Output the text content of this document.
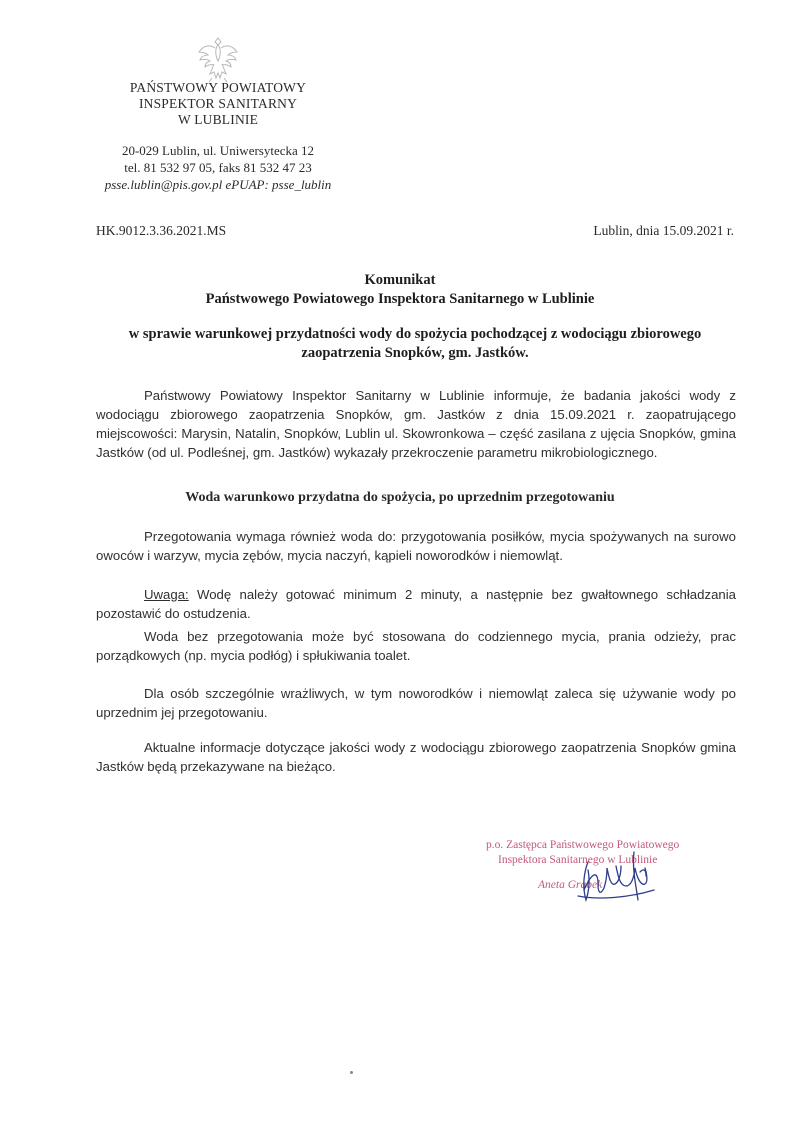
PAŃSTWOWY POWIATOWY
INSPEKTOR SANITARNY
W LUBLINIE
20-029 Lublin, ul. Uniwersytecka 12
tel. 81 532 97 05, faks 81 532 47 23
psse.lublin@pis.gov.pl ePUAP: psse_lublin
HK.9012.3.36.2021.MS	Lublin, dnia 15.09.2021 r.
Komunikat
Państwowego Powiatowego Inspektora Sanitarnego w Lublinie
w sprawie warunkowej przydatności wody do spożycia pochodzącej z wodociągu zbiorowego zaopatrzenia Snopków, gm. Jastków.

Państwowy Powiatowy Inspektor Sanitarny w Lublinie informuje, że badania jakości wody z wodociągu zbiorowego zaopatrzenia Snopków, gm. Jastków z dnia 15.09.2021 r. zaopatrującego miejscowości: Marysin, Natalin, Snopków, Lublin ul. Skowronkowa – część zasilana z ujęcia Snopków, gmina Jastków (od ul. Podleśnej, gm. Jastków) wykazały przekroczenie parametru mikrobiologicznego.

Woda warunkowo przydatna do spożycia, po uprzednim przegotowaniu

Przegotowania wymaga również woda do: przygotowania posiłków, mycia spożywanych na surowo owoców i warzyw, mycia zębów, mycia naczyń, kąpieli noworodków i niemowląt.

Uwaga: Wodę należy gotować minimum 2 minuty, a następnie bez gwałtownego schładzania pozostawić do ostudzenia.

Woda bez przegotowania może być stosowana do codziennego mycia, prania odzieży, prac porządkowych (np. mycia podłóg) i spłukiwania toalet.

Dla osób szczególnie wrażliwych, w tym noworodków i niemowląt zaleca się używanie wody po uprzednim jej przegotowaniu.

Aktualne informacje dotyczące jakości wody z wodociągu zbiorowego zaopatrzenia Snopków gmina Jastków będą przekazywane na bieżąco.

p.o. Zastępca Państwowego Powiatowego
Inspektora Sanitarnego w Lublinie
Aneta Grabek
